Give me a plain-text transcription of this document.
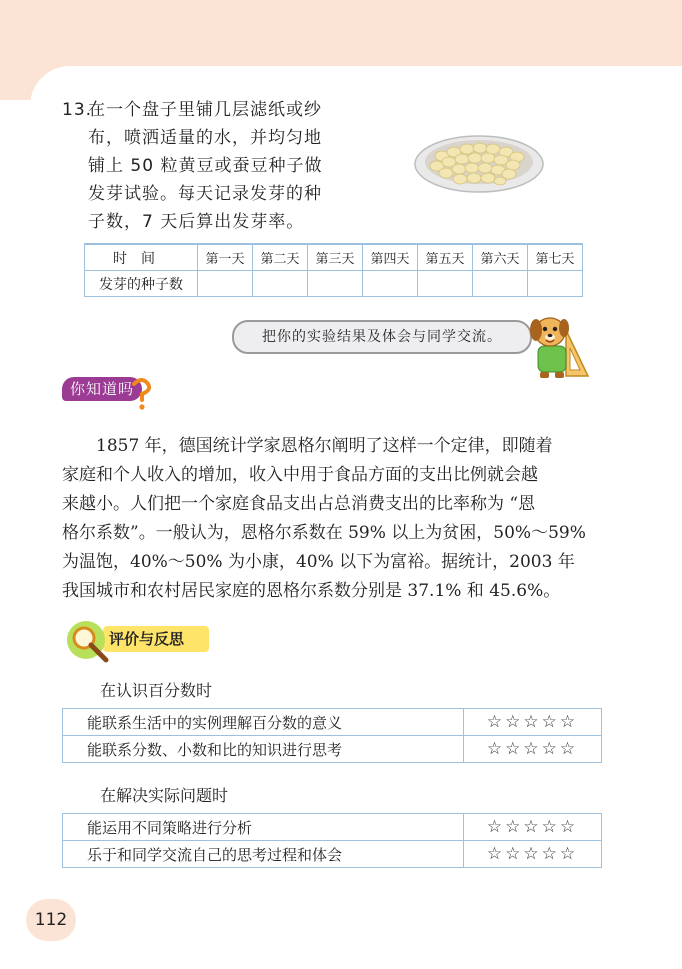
13.
在一个盘子里铺几层滤纸或纱
布，喷洒适量的水，并均匀地
铺上 50 粒黄豆或蚕豆种子做
发芽试验。每天记录发芽的种
子数，7 天后算出发芽率。
时间	第一天	第二天	第三天	第四天	第五天	第六天	第七天
发芽的种子数							
把你的实验结果及体会与同学交流。
你知道吗
1857 年，德国统计学家恩格尔阐明了这样一个定律，即随着
家庭和个人收入的增加，收入中用于食品方面的支出比例就会越
来越小。人们把一个家庭食品支出占总消费支出的比率称为 “恩
格尔系数”。一般认为，恩格尔系数在 59% 以上为贫困，50%～59%
为温饱，40%～50% 为小康，40% 以下为富裕。据统计，2003 年
我国城市和农村居民家庭的恩格尔系数分别是 37.1% 和 45.6%。
评价与反思
在认识百分数时
能联系生活中的实例理解百分数的意义	☆☆☆☆☆
能联系分数、小数和比的知识进行思考	☆☆☆☆☆
在解决实际问题时
能运用不同策略进行分析	☆☆☆☆☆
乐于和同学交流自己的思考过程和体会	☆☆☆☆☆
112
